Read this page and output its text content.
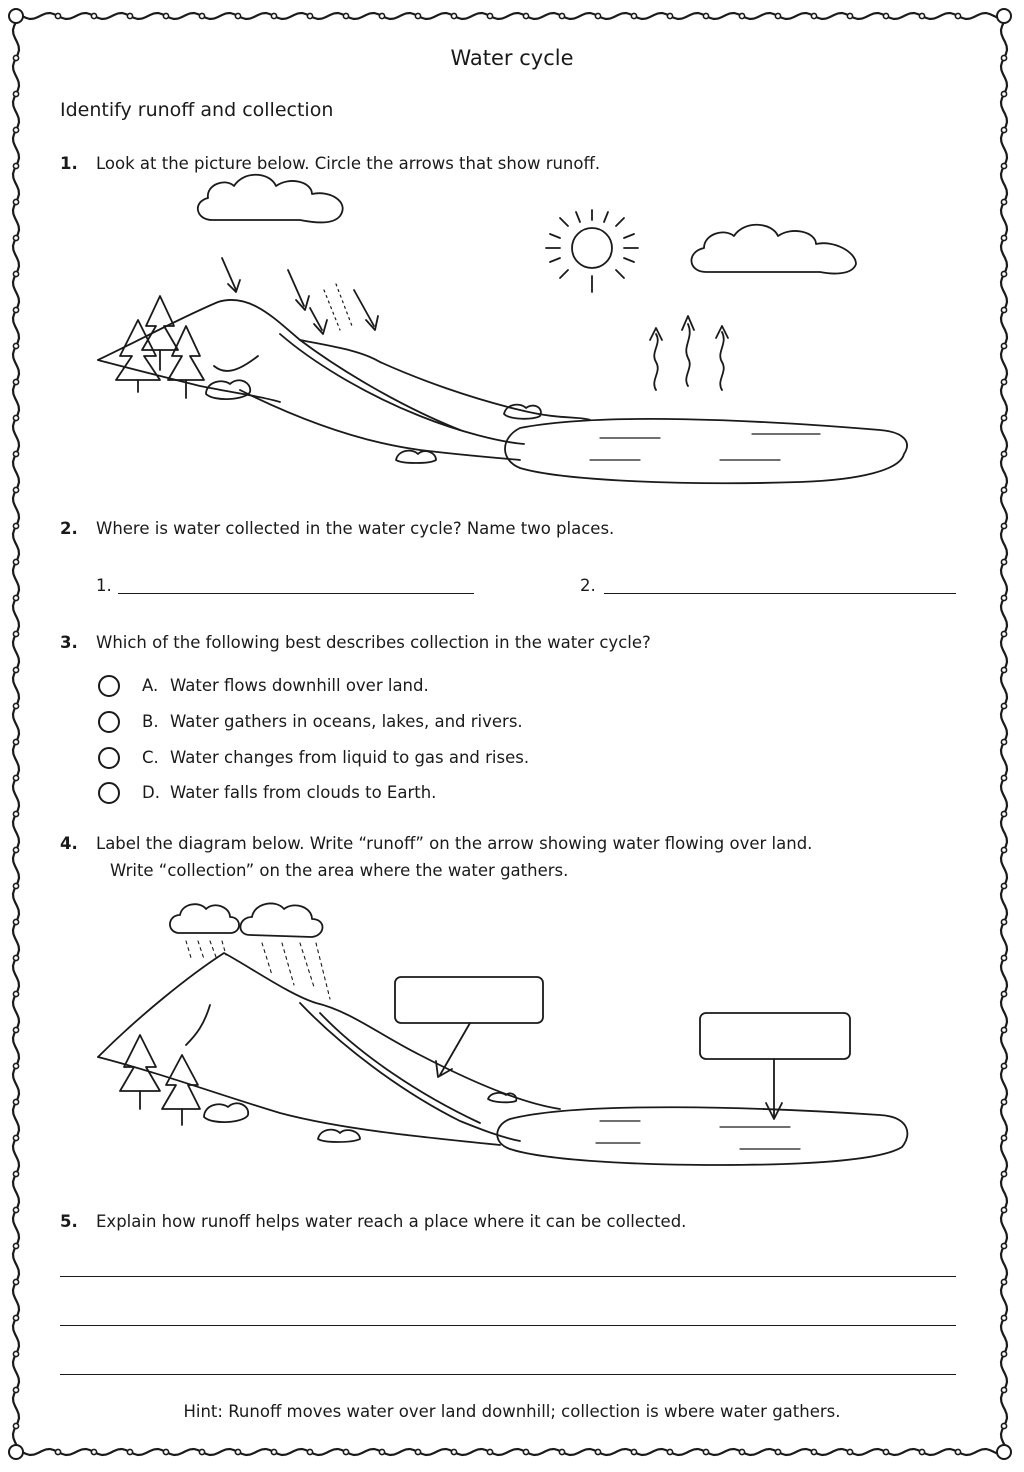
Water cycle
Identify runoff and collection
1. Look at the picture below. Circle the arrows that show runoff.
2. Where is water collected in the water cycle? Name two places.
1.	2.
3. Which of the following best describes collection in the water cycle?
A. Water flows downhill over land.
B. Water gathers in oceans, lakes, and rivers.
C. Water changes from liquid to gas and rises.
D. Water falls from clouds to Earth.
4. Label the diagram below. Write “runoff” on the arrow showing water flowing over land.
Write “collection” on the area where the water gathers.
5. Explain how runoff helps water reach a place where it can be collected.
Hint: Runoff moves water over land downhill; collection is wbere water gathers.
